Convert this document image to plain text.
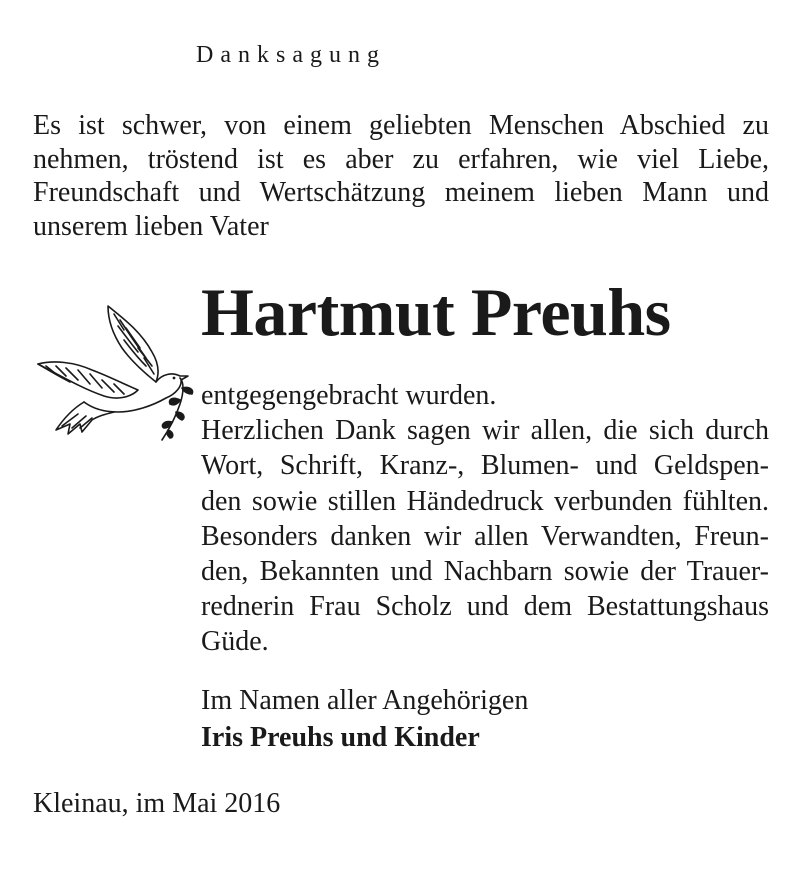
Danksagung
Es ist schwer, von einem geliebten Menschen Abschied zu
nehmen, tröstend ist es aber zu erfahren, wie viel Liebe,
Freundschaft und Wertschätzung meinem lieben Mann und
unserem lieben Vater
Hartmut Preuhs
entgegengebracht wurden.
Herzlichen Dank sagen wir allen, die sich durch
Wort, Schrift, Kranz-, Blumen- und Geldspen-
den sowie stillen Händedruck verbunden fühlten.
Besonders danken wir allen Verwandten, Freun-
den, Bekannten und Nachbarn sowie der Trauer-
rednerin Frau Scholz und dem Bestattungshaus
Güde.
Im Namen aller Angehörigen
Iris Preuhs und Kinder
Kleinau, im Mai 2016
